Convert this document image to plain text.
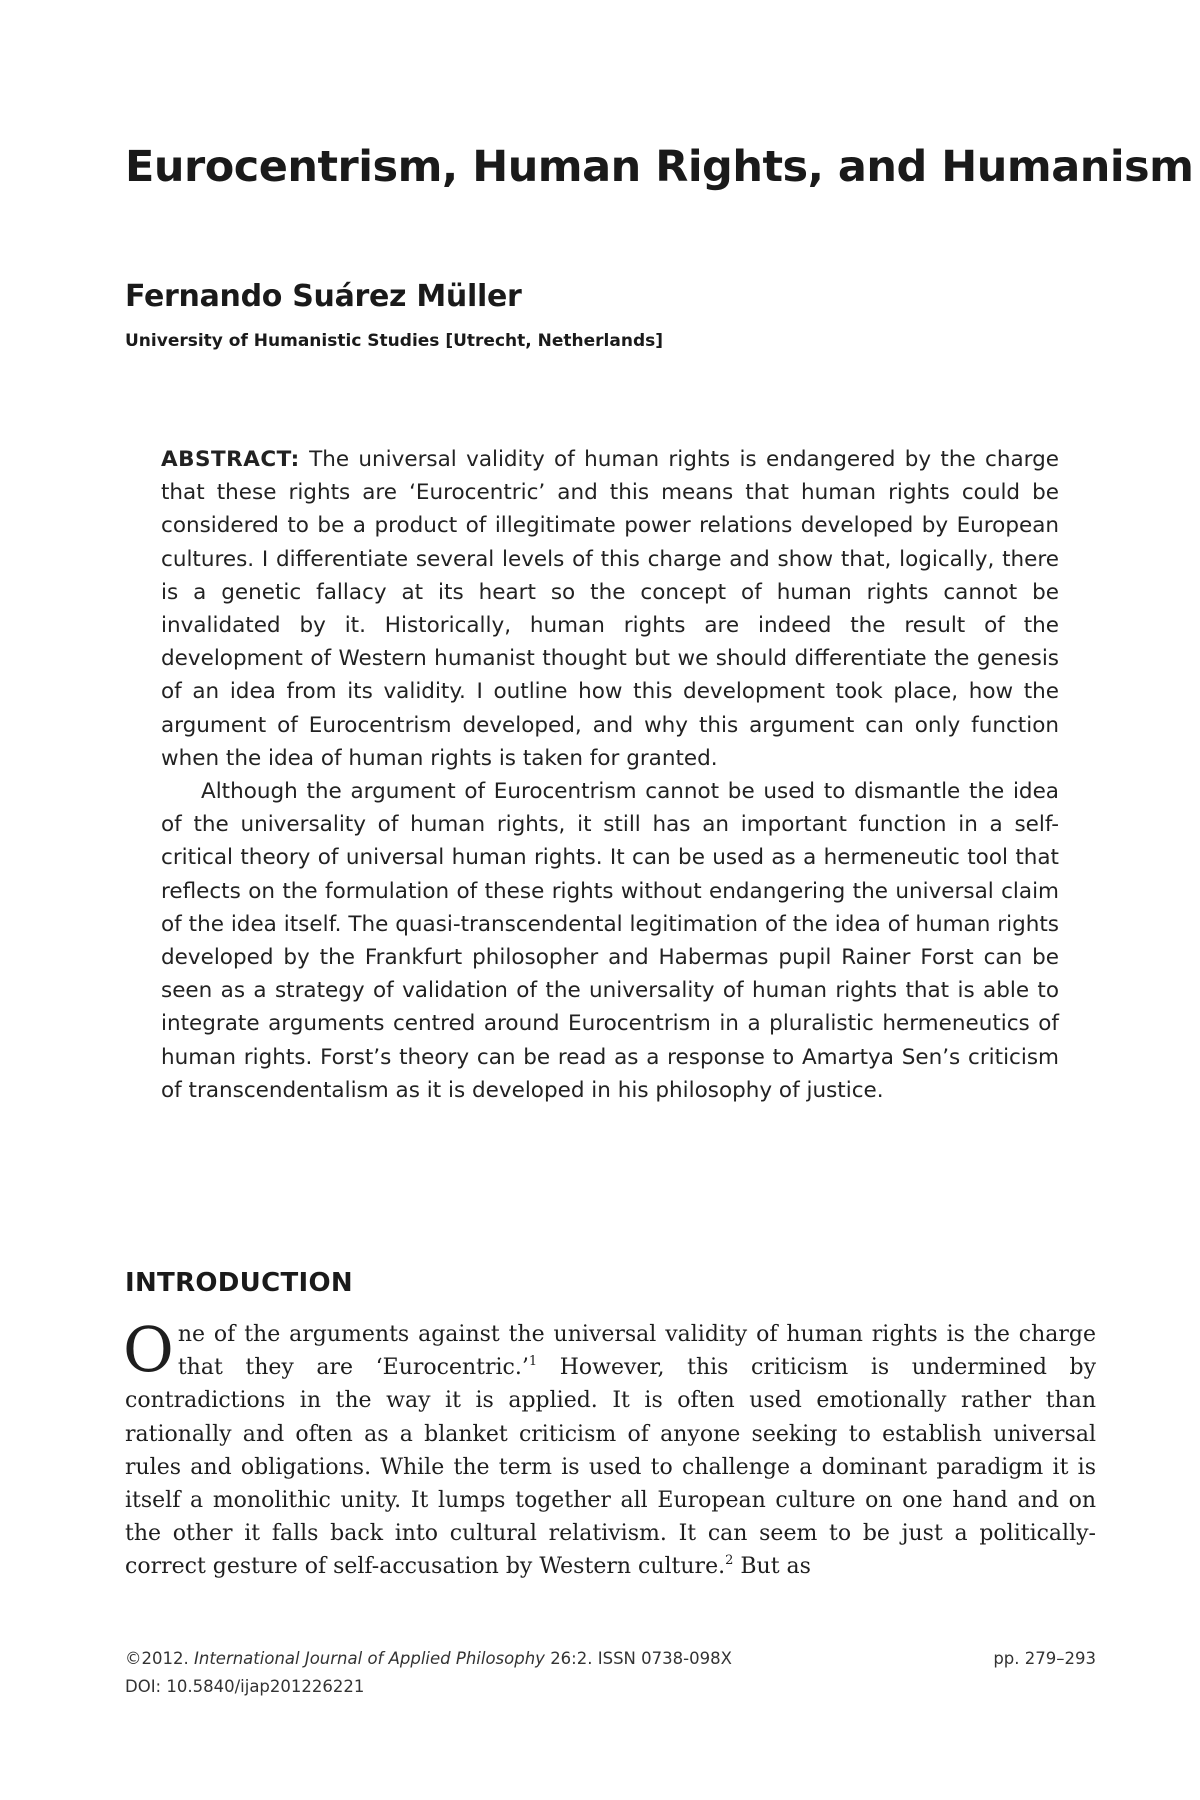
Eurocentrism, Human Rights, and Humanism
Fernando Suárez Müller
University of Humanistic Studies [Utrecht, Netherlands]

ABSTRACT: The universal validity of human rights is endangered by the charge that these rights are ‘Eurocentric’ and this means that human rights could be considered to be a product of illegitimate power relations developed by European cultures. I differentiate several levels of this charge and show that, logically, there is a genetic fallacy at its heart so the concept of human rights cannot be invalidated by it. Historically, human rights are indeed the result of the development of Western humanist thought but we should differentiate the genesis of an idea from its validity. I outline how this development took place, how the argument of Eurocentrism developed, and why this argument can only function when the idea of human rights is taken for granted.

Although the argument of Eurocentrism cannot be used to dismantle the idea of the universality of human rights, it still has an important function in a self-critical theory of universal human rights. It can be used as a hermeneutic tool that reflects on the formulation of these rights without endangering the universal claim of the idea itself. The quasi-transcendental legitimation of the idea of human rights developed by the Frankfurt philosopher and Habermas pupil Rainer Forst can be seen as a strategy of validation of the universality of human rights that is able to integrate arguments centred around Eurocentrism in a pluralistic hermeneutics of human rights. Forst’s theory can be read as a response to Amartya Sen’s criticism of transcendentalism as it is developed in his philosophy of justice.

INTRODUCTION

One of the arguments against the universal validity of human rights is the charge that they are ‘Eurocentric.’$^1$ However, this criticism is undermined by contradictions in the way it is applied. It is often used emotionally rather than rationally and often as a blanket criticism of anyone seeking to establish universal rules and obligations. While the term is used to challenge a dominant paradigm it is itself a monolithic unity. It lumps together all European culture on one hand and on the other it falls back into cultural relativism. It can seem to be just a politically-correct gesture of self-accusation by Western culture.$^2$ But as

©2012. International Journal of Applied Philosophy 26:2. ISSN 0738-098X	pp. 279–293
DOI: 10.5840/ijap201226221
